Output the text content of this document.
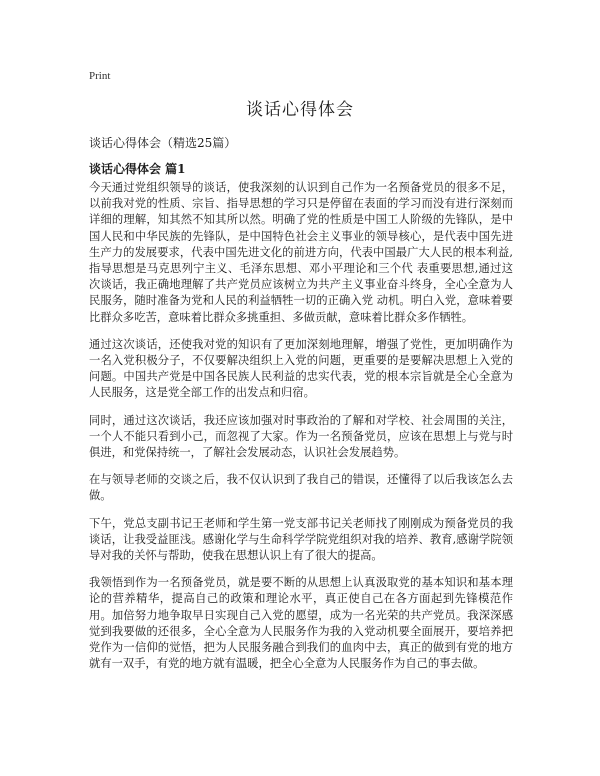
Print
谈话心得体会

谈话心得体会（精选25篇）

谈话心得体会 篇1

今天通过党组织领导的谈话，使我深刻的认识到自己作为一名预备党员的很多不足，以前我对党的性质、宗旨、指导思想的学习只是停留在表面的学习而没有进行深刻而详细的理解，知其然不知其所以然。明确了党的性质是中国工人阶级的先锋队，是中国人民和中华民族的先锋队，是中国特色社会主义事业的领导核心，是代表中国先进生产力的发展要求，代表中国先进文化的前进方向，代表中国最广大人民的根本利益,指导思想是马克思列宁主义、毛泽东思想、邓小平理论和三个代 表重要思想,通过这次谈话，我正确地理解了共产党员应该树立为共产主义事业奋斗终身，全心全意为人民服务，随时准备为党和人民的利益牺牲一切的正确入党 动机。明白入党，意味着要比群众多吃苦，意味着比群众多挑重担、多做贡献，意味着比群众多作牺牲。

通过这次谈话，还使我对党的知识有了更加深刻地理解，增强了党性，更加明确作为一名入党积极分子，不仅要解决组织上入党的问题，更重要的是要解决思想上入党的问题。中国共产党是中国各民族人民利益的忠实代表，党的根本宗旨就是全心全意为人民服务，这是党全部工作的出发点和归宿。

同时，通过这次谈话，我还应该加强对时事政治的了解和对学校、社会周围的关注，一个人不能只看到小己，而忽视了大家。作为一名预备党员，应该在思想上与党与时俱进，和党保持统一，了解社会发展动态，认识社会发展趋势。

在与领导老师的交谈之后，我不仅认识到了我自己的错误，还懂得了以后我该怎么去做。

下午，党总支副书记王老师和学生第一党支部书记关老师找了刚刚成为预备党员的我谈话，让我受益匪浅。感谢化学与生命科学学院党组织对我的培养、教育,感谢学院领导对我的关怀与帮助，使我在思想认识上有了很大的提高。

我领悟到作为一名预备党员，就是要不断的从思想上认真汲取党的基本知识和基本理论的营养精华，提高自己的政策和理论水平，真正使自己在各方面起到先锋模范作用。加倍努力地争取早日实现自己入党的愿望，成为一名光荣的共产党员。我深深感觉到我要做的还很多，全心全意为人民服务作为我的入党动机要全面展开，要培养把党作为一信仰的觉悟，把为人民服务融合到我们的血肉中去，真正的做到有党的地方就有一双手，有党的地方就有温暖，把全心全意为人民服务作为自己的事去做。
